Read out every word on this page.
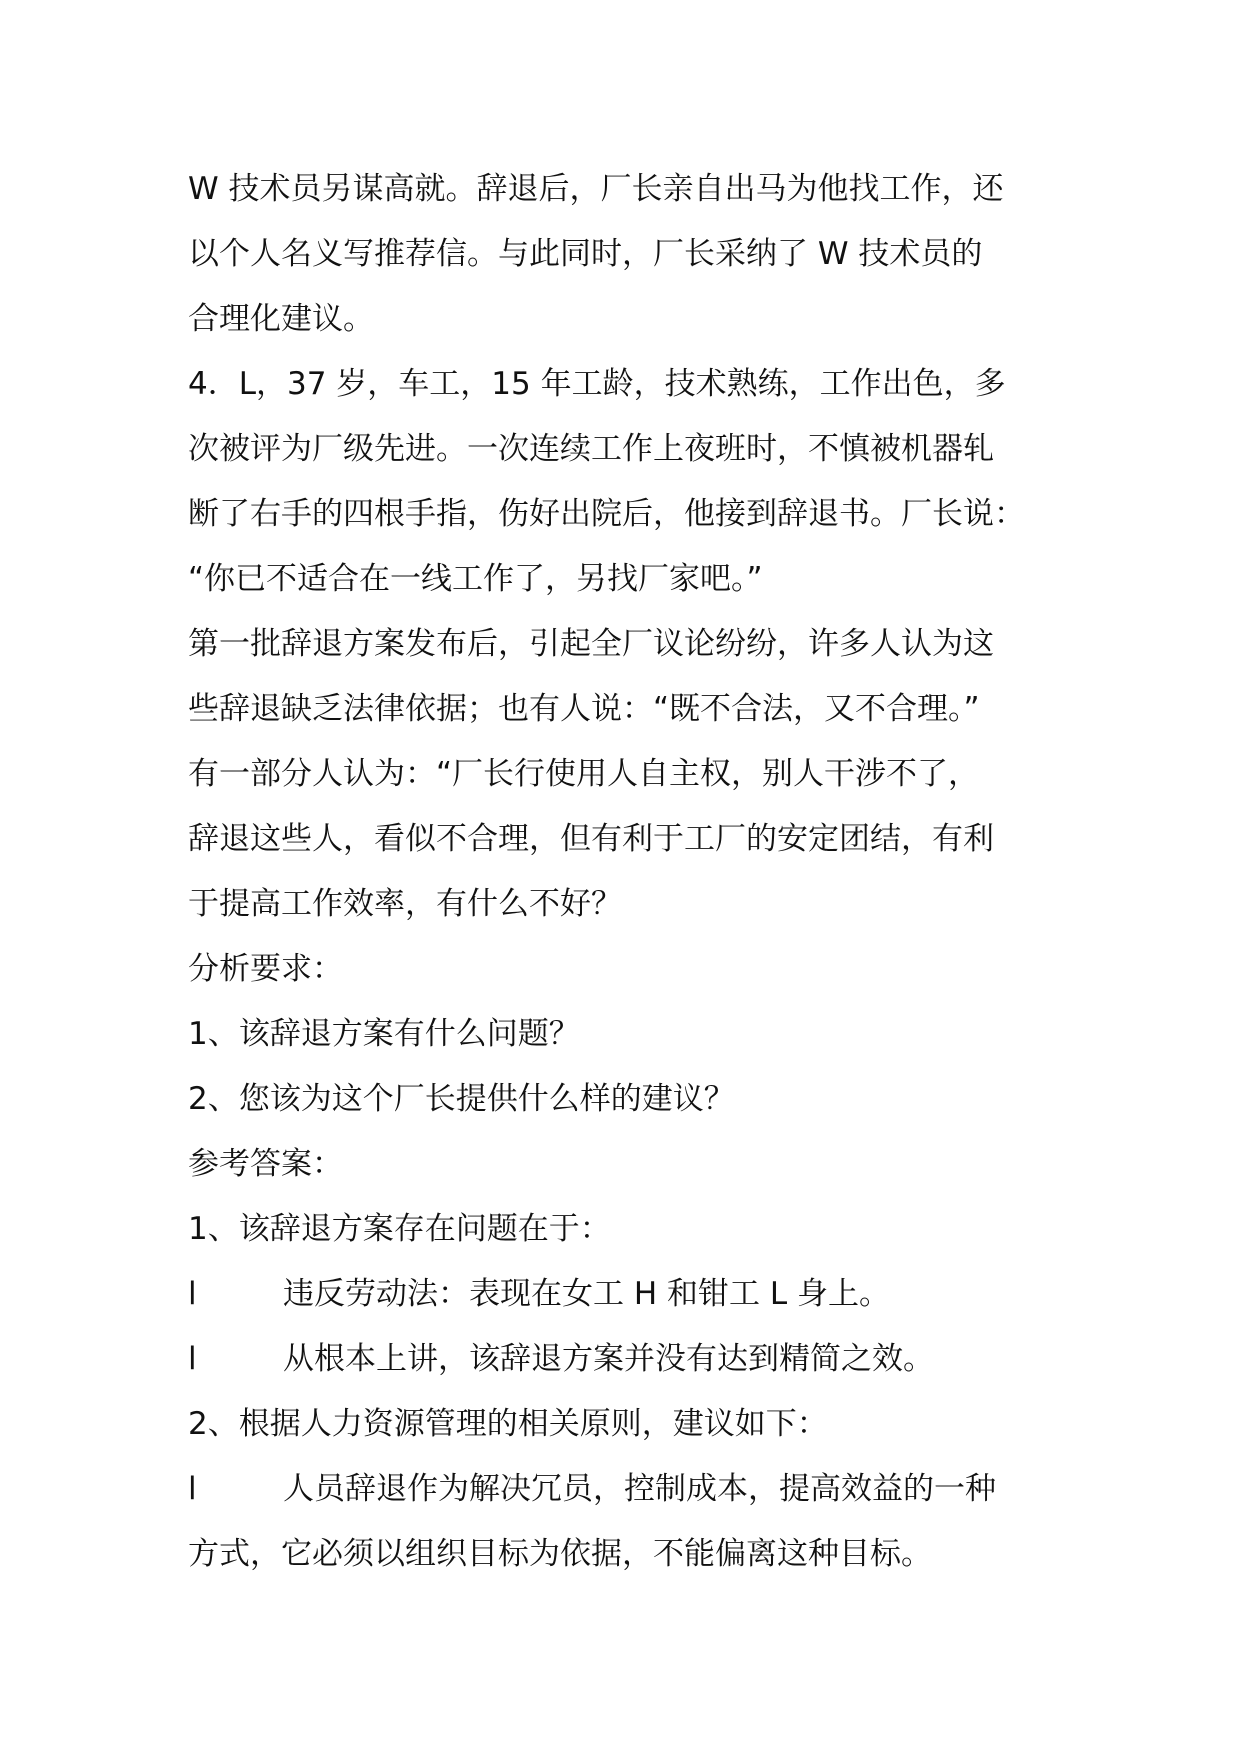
W 技术员另谋高就。辞退后，厂长亲自出马为他找工作，还
以个人名义写推荐信。与此同时，厂长采纳了 W 技术员的
合理化建议。
4．L，37 岁，车工，15 年工龄，技术熟练，工作出色，多
次被评为厂级先进。一次连续工作上夜班时，不慎被机器轧
断了右手的四根手指，伤好出院后，他接到辞退书。厂长说：
“你已不适合在一线工作了，另找厂家吧。”
第一批辞退方案发布后，引起全厂议论纷纷，许多人认为这
些辞退缺乏法律依据；也有人说：“既不合法，又不合理。”
有一部分人认为：“厂长行使用人自主权，别人干涉不了，
辞退这些人，看似不合理，但有利于工厂的安定团结，有利
于提高工作效率，有什么不好？
分析要求：
1、该辞退方案有什么问题？
2、您该为这个厂长提供什么样的建议？
参考答案：
1、该辞退方案存在问题在于：
l	违反劳动法：表现在女工 H 和钳工 L 身上。
l	从根本上讲，该辞退方案并没有达到精简之效。
2、根据人力资源管理的相关原则，建议如下：
l	人员辞退作为解决冗员，控制成本，提高效益的一种
方式，它必须以组织目标为依据，不能偏离这种目标。
